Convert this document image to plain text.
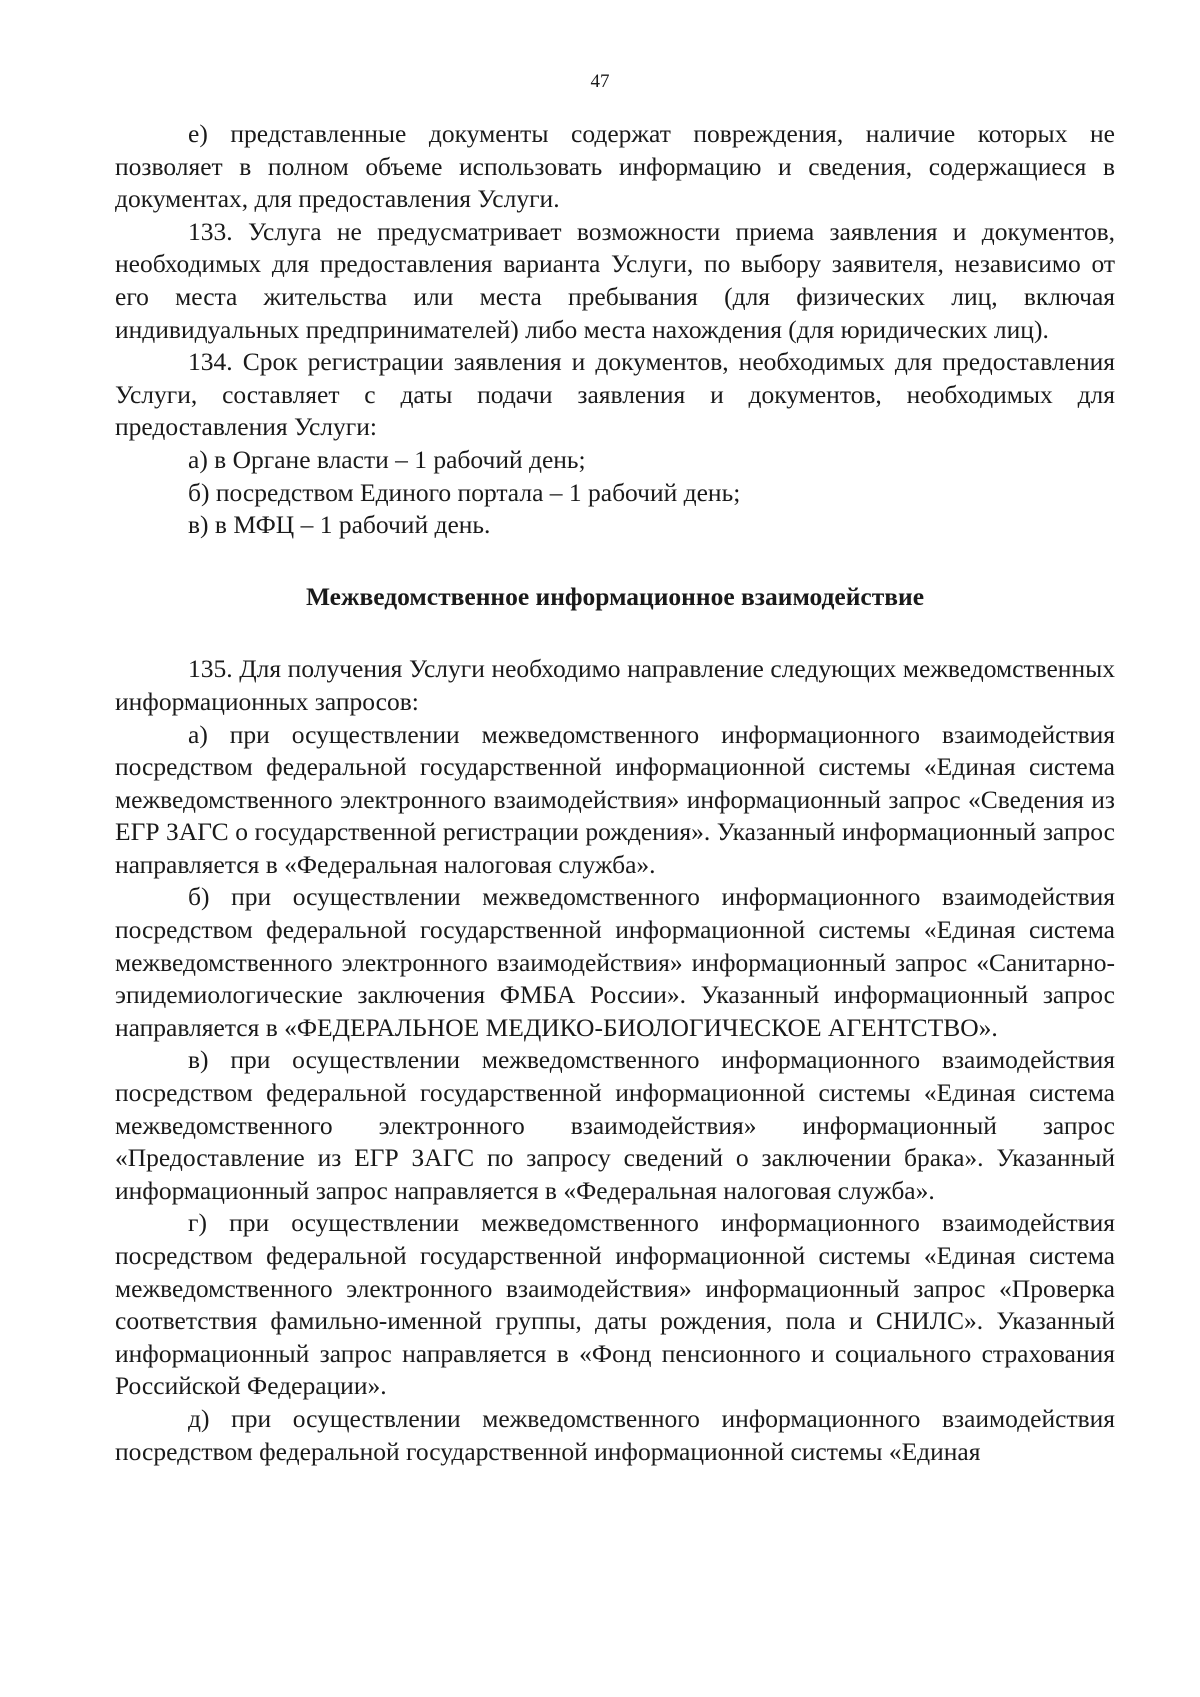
47

е) представленные документы содержат повреждения, наличие которых не позволяет в полном объеме использовать информацию и сведения, содержащиеся в документах, для предоставления Услуги.

133. Услуга не предусматривает возможности приема заявления и документов, необходимых для предоставления варианта Услуги, по выбору заявителя, независимо от его места жительства или места пребывания (для физических лиц, включая индивидуальных предпринимателей) либо места нахождения (для юридических лиц).

134. Срок регистрации заявления и документов, необходимых для предоставления Услуги, составляет с даты подачи заявления и документов, необходимых для предоставления Услуги:

а) в Органе власти – 1 рабочий день;

б) посредством Единого портала – 1 рабочий день;

в) в МФЦ – 1 рабочий день.

Межведомственное информационное взаимодействие

135. Для получения Услуги необходимо направление следующих межведомственных информационных запросов:

а) при осуществлении межведомственного информационного взаимодействия посредством федеральной государственной информационной системы «Единая система межведомственного электронного взаимодействия» информационный запрос «Сведения из ЕГР ЗАГС о государственной регистрации рождения». Указанный информационный запрос направляется в «Федеральная налоговая служба».

б) при осуществлении межведомственного информационного взаимодействия посредством федеральной государственной информационной системы «Единая система межведомственного электронного взаимодействия» информационный запрос «Санитарно-эпидемиологические заключения ФМБА России». Указанный информационный запрос направляется в «ФЕДЕРАЛЬНОЕ МЕДИКО-БИОЛОГИЧЕСКОЕ АГЕНТСТВО».

в) при осуществлении межведомственного информационного взаимодействия посредством федеральной государственной информационной системы «Единая система межведомственного электронного взаимодействия» информационный запрос «Предоставление из ЕГР ЗАГС по запросу сведений о заключении брака». Указанный информационный запрос направляется в «Федеральная налоговая служба».

г) при осуществлении межведомственного информационного взаимодействия посредством федеральной государственной информационной системы «Единая система межведомственного электронного взаимодействия» информационный запрос «Проверка соответствия фамильно-именной группы, даты рождения, пола и СНИЛС». Указанный информационный запрос направляется в «Фонд пенсионного и социального страхования Российской Федерации».

д) при осуществлении межведомственного информационного взаимодействия посредством федеральной государственной информационной системы «Единая
